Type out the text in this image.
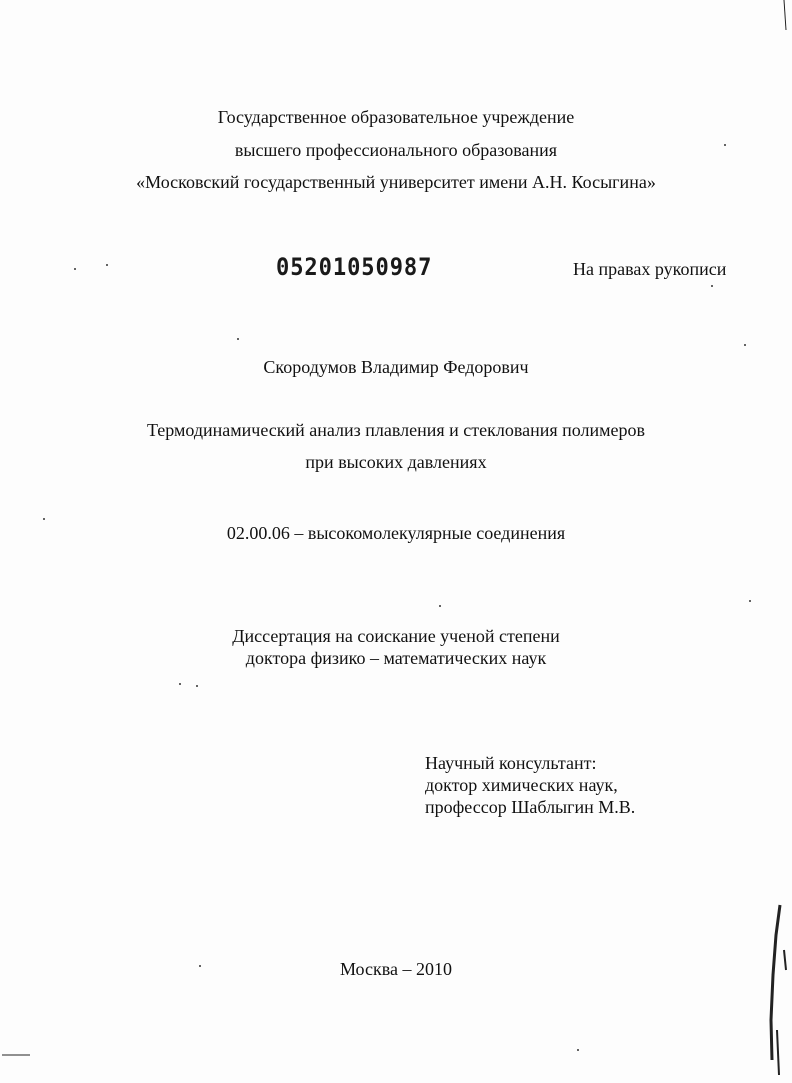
Государственное образовательное учреждение
высшего профессионального образования
«Московский государственный университет имени А.Н. Косыгина»
05201050987	На правах рукописи
Скородумов Владимир Федорович
Термодинамический анализ плавления и стеклования полимеров
при высоких давлениях
02.00.06 – высокомолекулярные соединения
Диссертация на соискание ученой степени
доктора физико – математических наук
Научный консультант:
доктор химических наук,
профессор Шаблыгин М.В.
Москва – 2010
